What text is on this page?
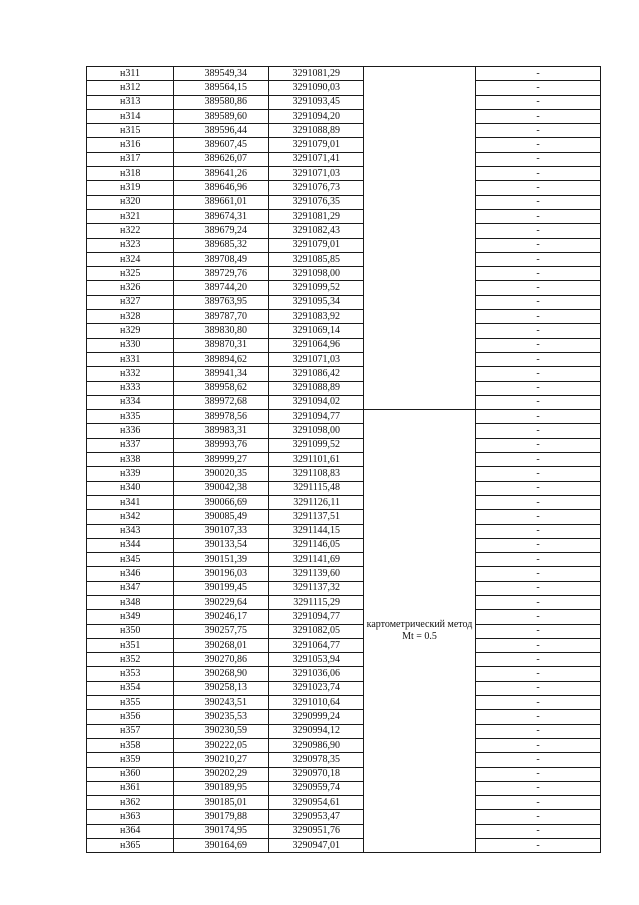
н311	389549,34	3291081,29		-
н312	389564,15	3291090,03		-
н313	389580,86	3291093,45		-
н314	389589,60	3291094,20		-
н315	389596,44	3291088,89		-
н316	389607,45	3291079,01		-
н317	389626,07	3291071,41		-
н318	389641,26	3291071,03		-
н319	389646,96	3291076,73		-
н320	389661,01	3291076,35		-
н321	389674,31	3291081,29		-
н322	389679,24	3291082,43		-
н323	389685,32	3291079,01		-
н324	389708,49	3291085,85		-
н325	389729,76	3291098,00		-
н326	389744,20	3291099,52		-
н327	389763,95	3291095,34		-
н328	389787,70	3291083,92		-
н329	389830,80	3291069,14		-
н330	389870,31	3291064,96		-
н331	389894,62	3291071,03		-
н332	389941,34	3291086,42		-
н333	389958,62	3291088,89		-
н334	389972,68	3291094,02		-
н335	389978,56	3291094,77	картометрический метод Mt = 0.5	-
н336	389983,31	3291098,00		-
н337	389993,76	3291099,52		-
н338	389999,27	3291101,61		-
н339	390020,35	3291108,83		-
н340	390042,38	3291115,48		-
н341	390066,69	3291126,11		-
н342	390085,49	3291137,51		-
н343	390107,33	3291144,15		-
н344	390133,54	3291146,05		-
н345	390151,39	3291141,69		-
н346	390196,03	3291139,60		-
н347	390199,45	3291137,32		-
н348	390229,64	3291115,29		-
н349	390246,17	3291094,77		-
н350	390257,75	3291082,05		-
н351	390268,01	3291064,77		-
н352	390270,86	3291053,94		-
н353	390268,90	3291036,06		-
н354	390258,13	3291023,74		-
н355	390243,51	3291010,64		-
н356	390235,53	3290999,24		-
н357	390230,59	3290994,12		-
н358	390222,05	3290986,90		-
н359	390210,27	3290978,35		-
н360	390202,29	3290970,18		-
н361	390189,95	3290959,74		-
н362	390185,01	3290954,61		-
н363	390179,88	3290953,47		-
н364	390174,95	3290951,76		-
н365	390164,69	3290947,01		-
